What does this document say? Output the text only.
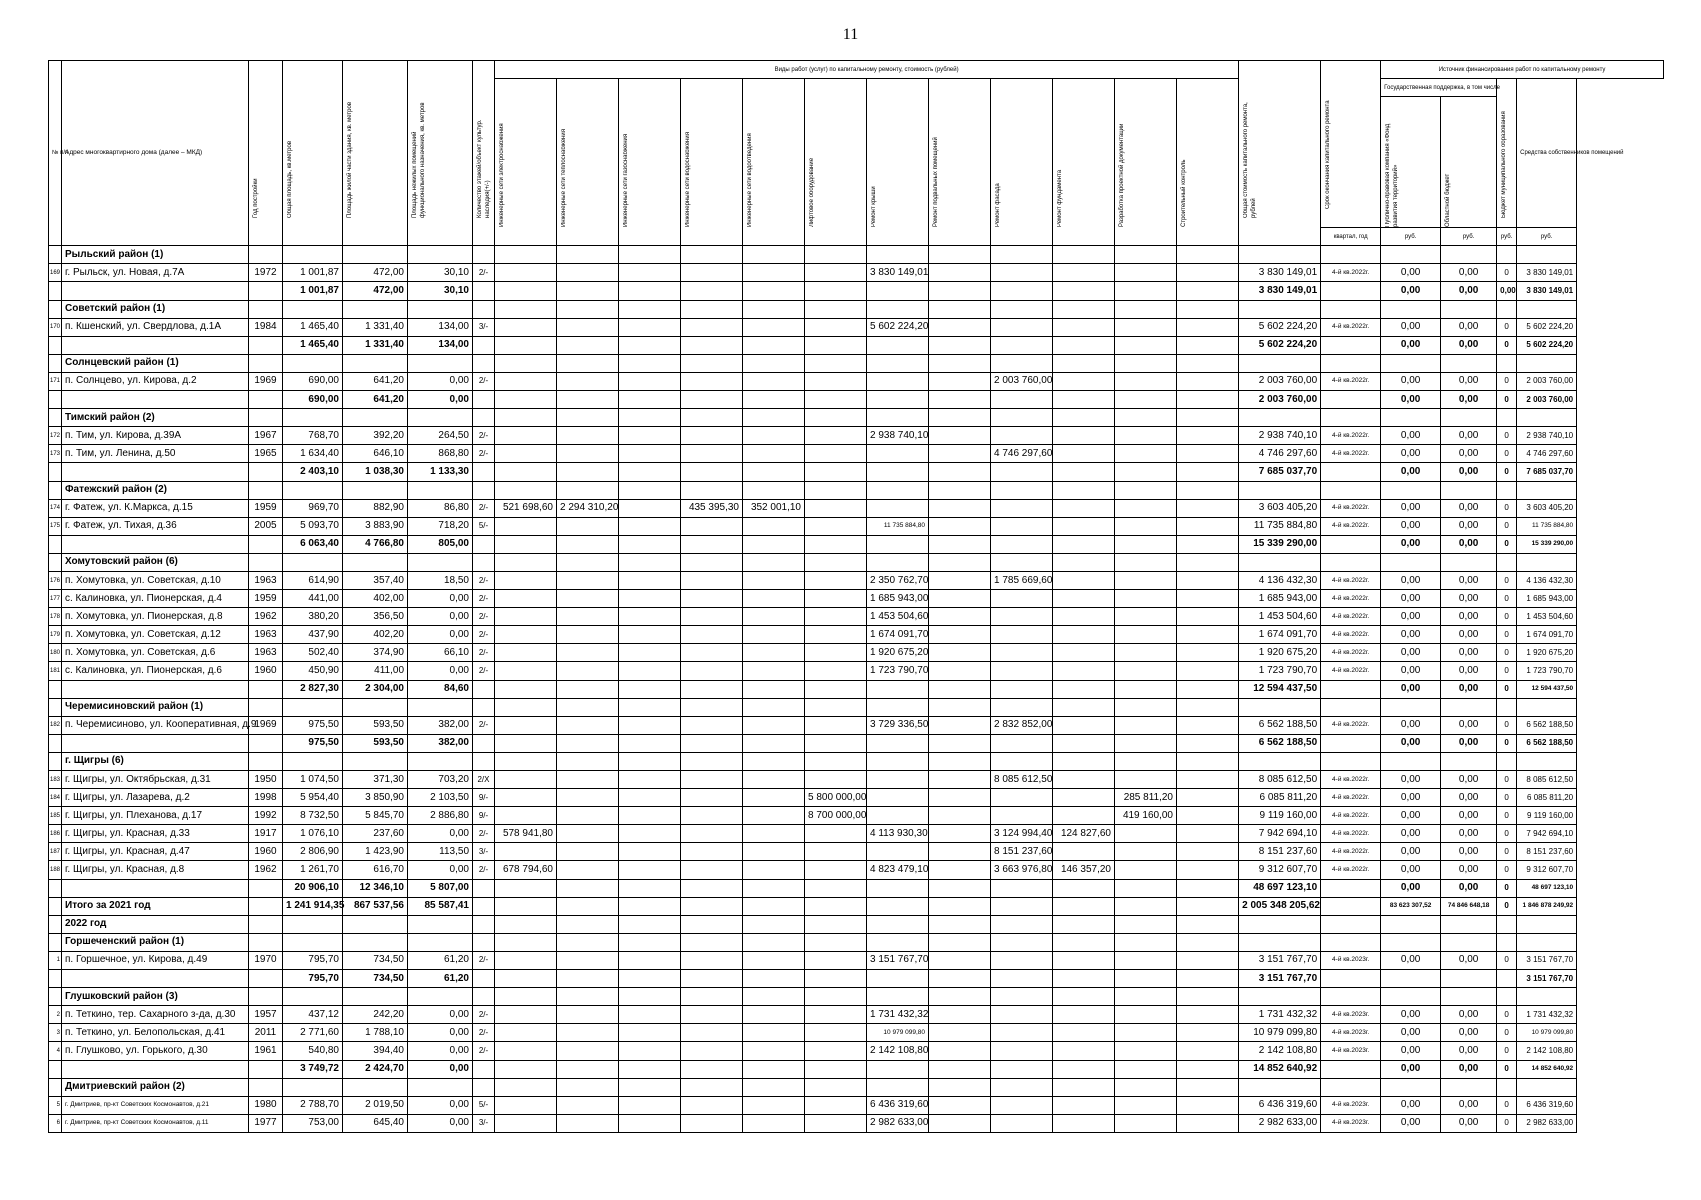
11
№ п/п	Адрес многоквартирного дома (далее – МКД)	Год постройки	Общая площадь, кв.метров	Площадь жилой части здания, кв. метров	Площадь нежилых помещений функционального назначения, кв. метров	Количество этажей/объект культур. наследия(+/-)	Виды работ (услуг) по капитальному ремонту, стоимость (рублей)												Общая стоимость капитального ремонта, рублей	Срок окончания капитального ремонта	Источник финансирования работ по капитальному ремонту			

							Инженерные сети электроснабжения	Инженерные сети теплоснабжения	Инженерные сети газоснабжения	Инженерные сети водоснабжения	Инженерные сети водоотведения	Лифтовое оборудование	Ремонт крыши	Ремонт подвальных помещений	Ремонт фасада	Ремонт фундамента	Разработка проектной документации	Строительный контроль			Государственная поддержка, в том числе		Бюджет муниципального образования	Средства собственников помещений

																					Публично-правовая компания «Фонд развития территорий»	Областной бюджет		

																				квартал, год	руб.	руб.	руб.	руб.
	Рыльский район (1)																							
169	г. Рыльск, ул. Новая, д.7А	1972	1 001,87	472,00	30,10	2/-							3 830 149,01						3 830 149,01	4-й кв.2022г.	0,00	0,00	0	3 830 149,01
			1 001,87	472,00	30,10														3 830 149,01		0,00	0,00	0,00	3 830 149,01
	Советский район (1)																							
170	п. Кшенский, ул. Свердлова, д.1А	1984	1 465,40	1 331,40	134,00	3/-							5 602 224,20						5 602 224,20	4-й кв.2022г.	0,00	0,00	0	5 602 224,20
			1 465,40	1 331,40	134,00														5 602 224,20		0,00	0,00	0	5 602 224,20
	Солнцевский район (1)																							
171	п. Солнцево, ул. Кирова, д.2	1969	690,00	641,20	0,00	2/-									2 003 760,00				2 003 760,00	4-й кв.2022г.	0,00	0,00	0	2 003 760,00
			690,00	641,20	0,00														2 003 760,00		0,00	0,00	0	2 003 760,00
	Тимский район (2)																							
172	п. Тим, ул. Кирова, д.39А	1967	768,70	392,20	264,50	2/-							2 938 740,10						2 938 740,10	4-й кв.2022г.	0,00	0,00	0	2 938 740,10
173	п. Тим, ул. Ленина, д.50	1965	1 634,40	646,10	868,80	2/-									4 746 297,60				4 746 297,60	4-й кв.2022г.	0,00	0,00	0	4 746 297,60
			2 403,10	1 038,30	1 133,30														7 685 037,70		0,00	0,00	0	7 685 037,70
	Фатежский район (2)																							
174	г. Фатеж, ул. К.Маркса, д.15	1959	969,70	882,90	86,80	2/-	521 698,60	2 294 310,20		435 395,30	352 001,10								3 603 405,20	4-й кв.2022г.	0,00	0,00	0	3 603 405,20
175	г. Фатеж, ул. Тихая, д.36	2005	5 093,70	3 883,90	718,20	5/-							11 735 884,80						11 735 884,80	4-й кв.2022г.	0,00	0,00	0	11 735 884,80
			6 063,40	4 766,80	805,00														15 339 290,00		0,00	0,00	0	15 339 290,00
	Хомутовский район (6)																							
176	п. Хомутовка, ул. Советская, д.10	1963	614,90	357,40	18,50	2/-							2 350 762,70		1 785 669,60				4 136 432,30	4-й кв.2022г.	0,00	0,00	0	4 136 432,30
177	с. Калиновка, ул. Пионерская, д.4	1959	441,00	402,00	0,00	2/-							1 685 943,00						1 685 943,00	4-й кв.2022г.	0,00	0,00	0	1 685 943,00
178	п. Хомутовка, ул. Пионерская, д.8	1962	380,20	356,50	0,00	2/-							1 453 504,60						1 453 504,60	4-й кв.2022г.	0,00	0,00	0	1 453 504,60
179	п. Хомутовка, ул. Советская, д.12	1963	437,90	402,20	0,00	2/-							1 674 091,70						1 674 091,70	4-й кв.2022г.	0,00	0,00	0	1 674 091,70
180	п. Хомутовка, ул. Советская, д.6	1963	502,40	374,90	66,10	2/-							1 920 675,20						1 920 675,20	4-й кв.2022г.	0,00	0,00	0	1 920 675,20
181	с. Калиновка, ул. Пионерская, д.6	1960	450,90	411,00	0,00	2/-							1 723 790,70						1 723 790,70	4-й кв.2022г.	0,00	0,00	0	1 723 790,70
			2 827,30	2 304,00	84,60														12 594 437,50		0,00	0,00	0	12 594 437,50
	Черемисиновский район (1)																							
182	п. Черемисиново, ул. Кооперативная, д.9	1969	975,50	593,50	382,00	2/-							3 729 336,50		2 832 852,00				6 562 188,50	4-й кв.2022г.	0,00	0,00	0	6 562 188,50
			975,50	593,50	382,00														6 562 188,50		0,00	0,00	0	6 562 188,50
	г. Щигры (6)																							
183	г. Щигры, ул. Октябрьская, д.31	1950	1 074,50	371,30	703,20	2/Х									8 085 612,50				8 085 612,50	4-й кв.2022г.	0,00	0,00	0	8 085 612,50
184	г. Щигры, ул. Лазарева, д.2	1998	5 954,40	3 850,90	2 103,50	9/-						5 800 000,00					285 811,20		6 085 811,20	4-й кв.2022г.	0,00	0,00	0	6 085 811,20
185	г. Щигры, ул. Плеханова, д.17	1992	8 732,50	5 845,70	2 886,80	9/-						8 700 000,00					419 160,00		9 119 160,00	4-й кв.2022г.	0,00	0,00	0	9 119 160,00
186	г. Щигры, ул. Красная, д.33	1917	1 076,10	237,60	0,00	2/-	578 941,80						4 113 930,30		3 124 994,40	124 827,60			7 942 694,10	4-й кв.2022г.	0,00	0,00	0	7 942 694,10
187	г. Щигры, ул. Красная, д.47	1960	2 806,90	1 423,90	113,50	3/-									8 151 237,60				8 151 237,60	4-й кв.2022г.	0,00	0,00	0	8 151 237,60
188	г. Щигры, ул. Красная, д.8	1962	1 261,70	616,70	0,00	2/-	678 794,60						4 823 479,10		3 663 976,80	146 357,20			9 312 607,70	4-й кв.2022г.	0,00	0,00	0	9 312 607,70
			20 906,10	12 346,10	5 807,00														48 697 123,10		0,00	0,00	0	48 697 123,10
	Итого за 2021 год		1 241 914,35	867 537,56	85 587,41														2 005 348 205,62		83 623 307,52	74 846 648,18	0	1 846 878 249,92
	2022 год																							
	Горшеченский район (1)																							
1	п. Горшечное, ул. Кирова, д.49	1970	795,70	734,50	61,20	2/-							3 151 767,70						3 151 767,70	4-й кв.2023г.	0,00	0,00	0	3 151 767,70
			795,70	734,50	61,20														3 151 767,70					3 151 767,70
	Глушковский район (3)																							
2	п. Теткино, тер. Сахарного з-да, д.30	1957	437,12	242,20	0,00	2/-							1 731 432,32						1 731 432,32	4-й кв.2023г.	0,00	0,00	0	1 731 432,32
3	п. Теткино, ул. Белопольская, д.41	2011	2 771,60	1 788,10	0,00	2/-							10 979 099,80						10 979 099,80	4-й кв.2023г.	0,00	0,00	0	10 979 099,80
4	п. Глушково, ул. Горького, д.30	1961	540,80	394,40	0,00	2/-							2 142 108,80						2 142 108,80	4-й кв.2023г.	0,00	0,00	0	2 142 108,80
			3 749,72	2 424,70	0,00														14 852 640,92		0,00	0,00	0	14 852 640,92
	Дмитриевский район (2)																							
5	г. Дмитриев, пр-кт Советских Космонавтов, д.21	1980	2 788,70	2 019,50	0,00	5/-							6 436 319,60						6 436 319,60	4-й кв.2023г.	0,00	0,00	0	6 436 319,60
6	г. Дмитриев, пр-кт Советских Космонавтов, д.11	1977	753,00	645,40	0,00	3/-							2 982 633,00						2 982 633,00	4-й кв.2023г.	0,00	0,00	0	2 982 633,00
